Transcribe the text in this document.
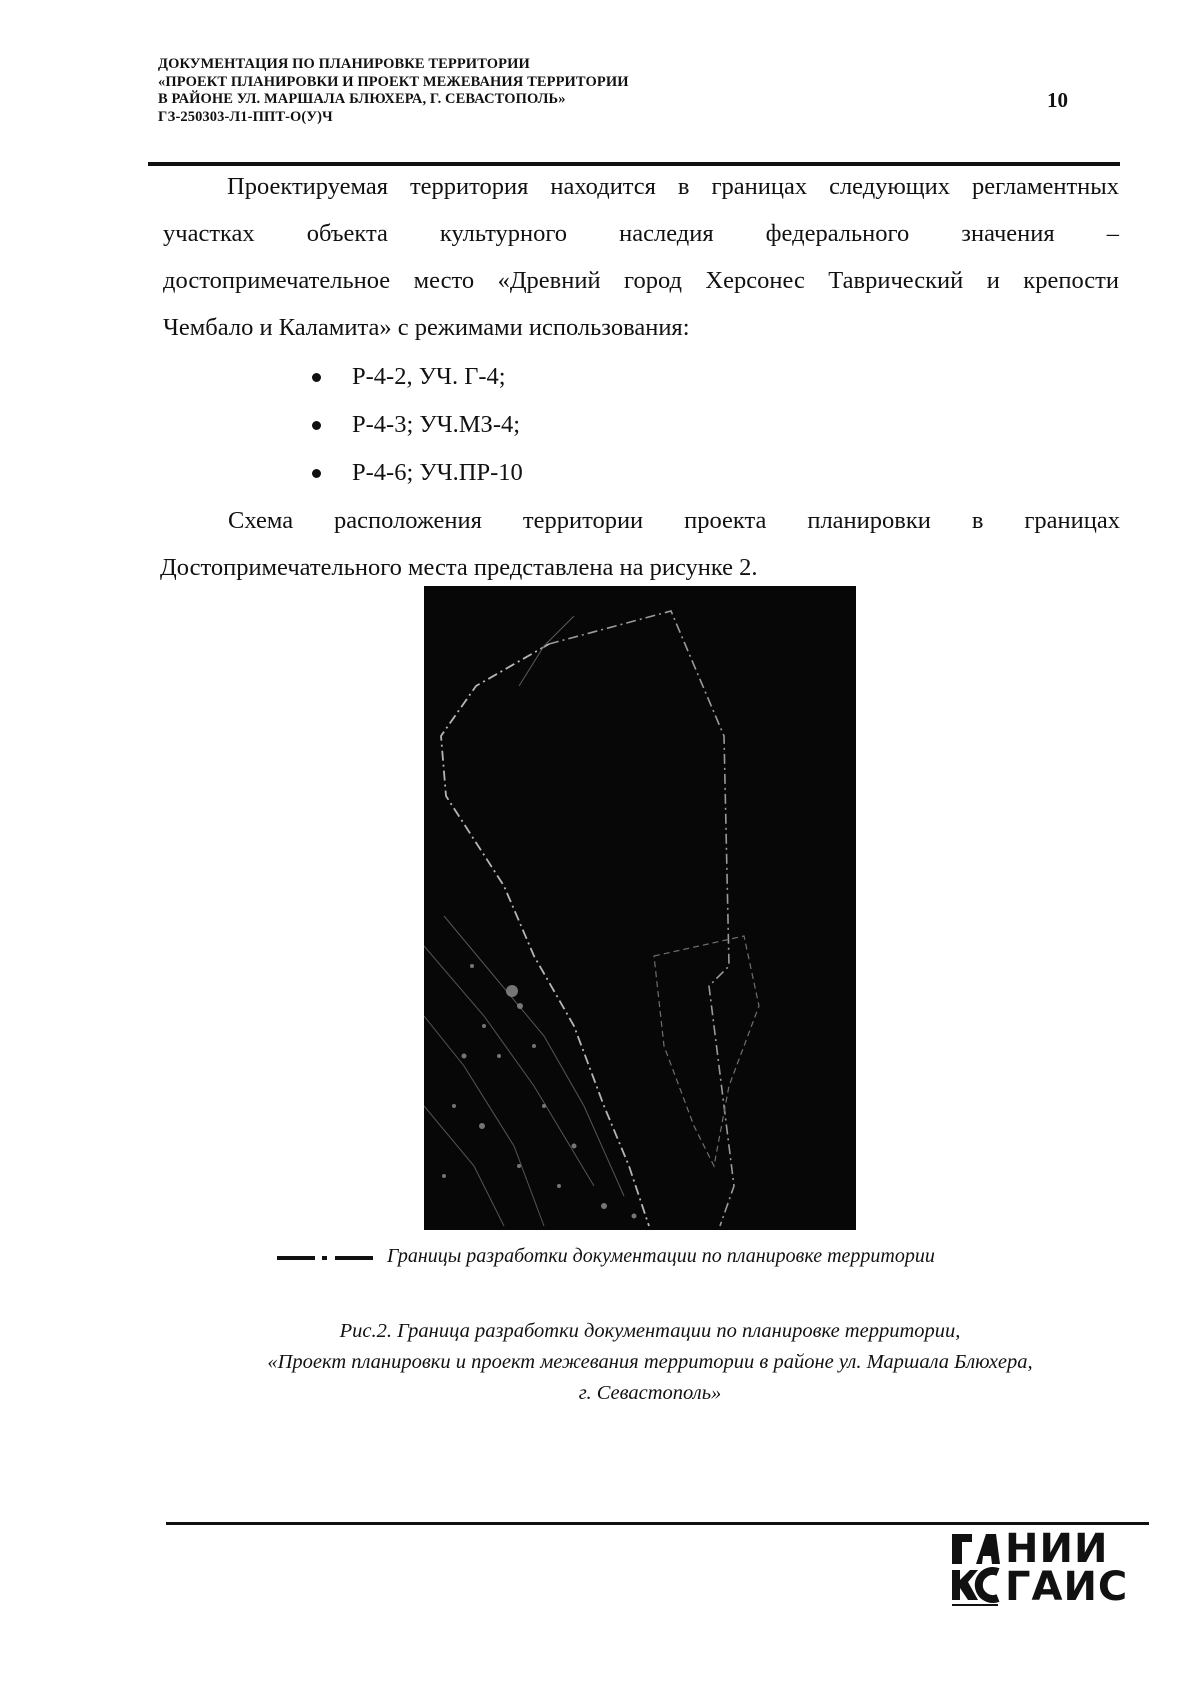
ДОКУМЕНТАЦИЯ ПО ПЛАНИРОВКЕ ТЕРРИТОРИИ
«ПРОЕКТ ПЛАНИРОВКИ И ПРОЕКТ МЕЖЕВАНИЯ ТЕРРИТОРИИ
В РАЙОНЕ УЛ. МАРШАЛА БЛЮХЕРА, Г. СЕВАСТОПОЛЬ»
ГЗ-250303-Л1-ППТ-О(У)Ч
10
Проектируемая территория находится в границах следующих регламентных
участках объекта культурного наследия федерального значения –
достопримечательное место «Древний город Херсонес Таврический и крепости
Чембало и Каламита» с режимами использования:
Р-4-2, УЧ. Г-4;
Р-4-3; УЧ.МЗ-4;
Р-4-6; УЧ.ПР-10
Схема расположения территории проекта планировки в границах
Достопримечательного места представлена на рисунке 2.
Границы разработки документации по планировке территории
Рис.2. Граница разработки документации по планировке территории,
«Проект планировки и проект межевания территории в районе ул. Маршала Блюхера,
г. Севастополь»
НИИ
ГАИС
